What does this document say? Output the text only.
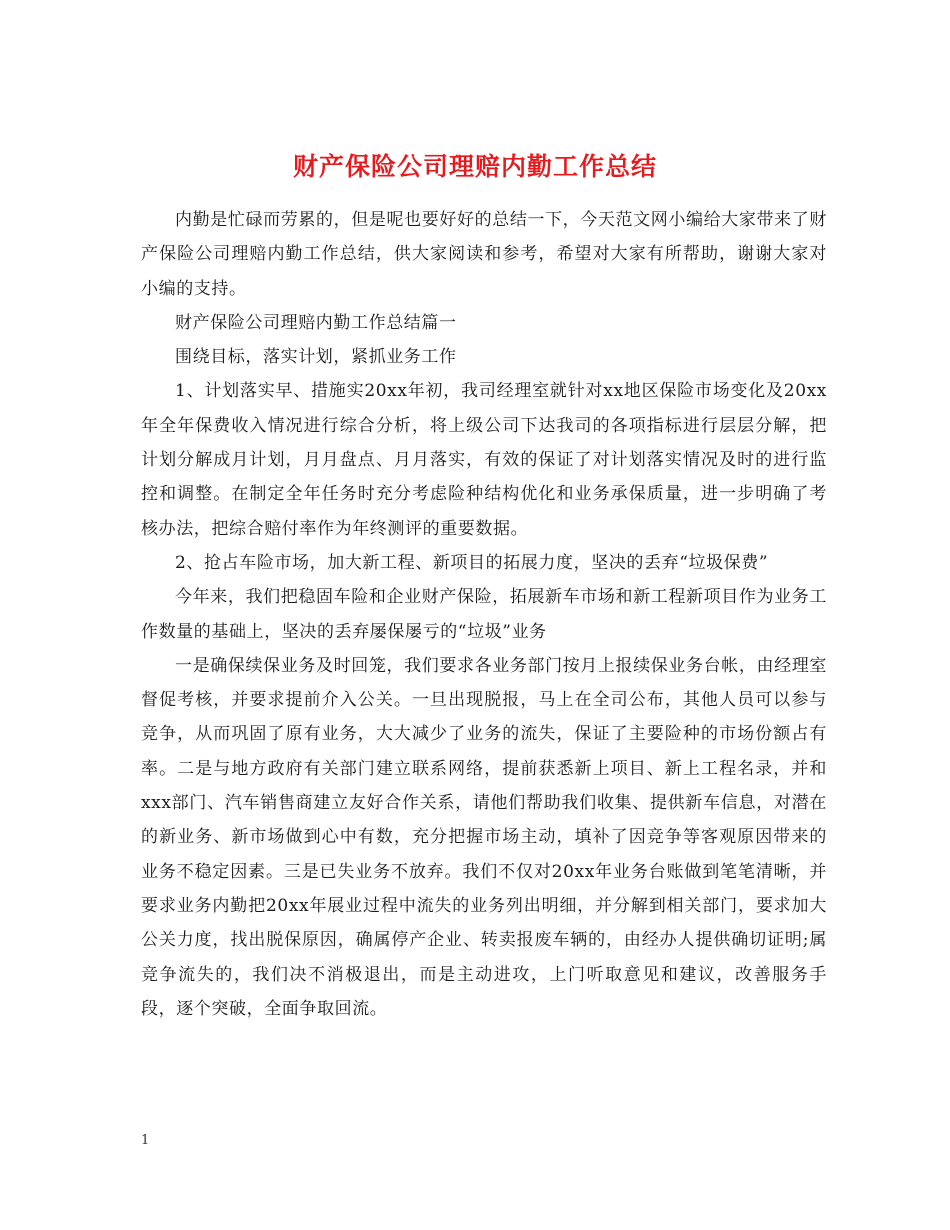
财产保险公司理赔内勤工作总结

内勤是忙碌而劳累的，但是呢也要好好的总结一下，今天范文网小编给大家带来了财产保险公司理赔内勤工作总结，供大家阅读和参考，希望对大家有所帮助，谢谢大家对小编的支持。

财产保险公司理赔内勤工作总结篇一

围绕目标，落实计划，紧抓业务工作

1、计划落实早、措施实20xx年初，我司经理室就针对xx地区保险市场变化及20xx年全年保费收入情况进行综合分析，将上级公司下达我司的各项指标进行层层分解，把计划分解成月计划，月月盘点、月月落实，有效的保证了对计划落实情况及时的进行监控和调整。在制定全年任务时充分考虑险种结构优化和业务承保质量，进一步明确了考核办法，把综合赔付率作为年终测评的重要数据。

2、抢占车险市场，加大新工程、新项目的拓展力度，坚决的丢弃“垃圾保费”

今年来，我们把稳固车险和企业财产保险，拓展新车市场和新工程新项目作为业务工作数量的基础上，坚决的丢弃屡保屡亏的“垃圾”业务

一是确保续保业务及时回笼，我们要求各业务部门按月上报续保业务台帐，由经理室督促考核，并要求提前介入公关。一旦出现脱报，马上在全司公布，其他人员可以参与竞争，从而巩固了原有业务，大大减少了业务的流失，保证了主要险种的市场份额占有率。二是与地方政府有关部门建立联系网络，提前获悉新上项目、新上工程名录，并和xxx部门、汽车销售商建立友好合作关系，请他们帮助我们收集、提供新车信息，对潜在的新业务、新市场做到心中有数，充分把握市场主动，填补了因竞争等客观原因带来的业务不稳定因素。三是已失业务不放弃。我们不仅对20xx年业务台账做到笔笔清晰，并要求业务内勤把20xx年展业过程中流失的业务列出明细，并分解到相关部门，要求加大公关力度，找出脱保原因，确属停产企业、转卖报废车辆的，由经办人提供确切证明;属竞争流失的，我们决不消极退出，而是主动进攻，上门听取意见和建议，改善服务手段，逐个突破，全面争取回流。

1
